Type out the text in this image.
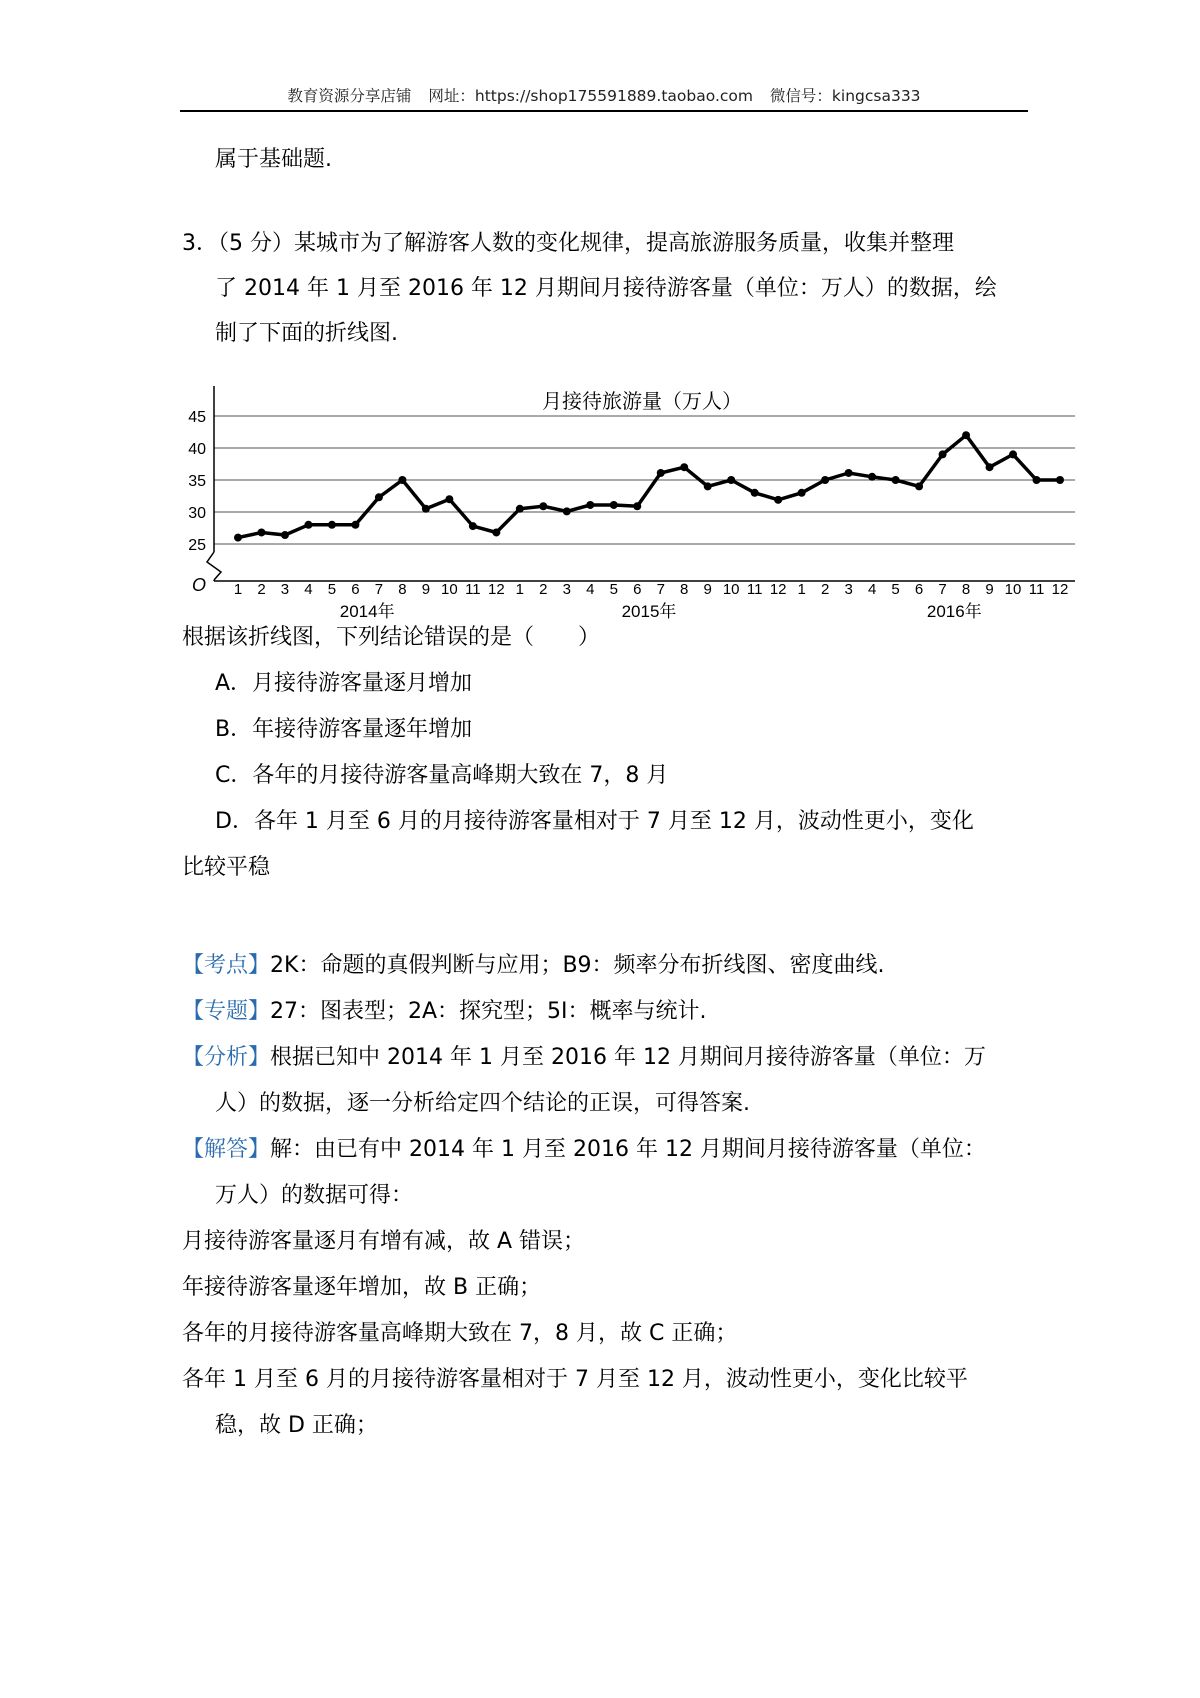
教育资源分享店铺 网址：https://shop175591889.taobao.com 微信号：kingcsa333
属于基础题.
3．（5 分）某城市为了解游客人数的变化规律，提高旅游服务质量，收集并整理
了 2014 年 1 月至 2016 年 12 月期间月接待游客量（单位：万人）的数据，绘
制了下面的折线图.
月接待旅游量（万人）
25
30
35
40
45
O 1 2 3 4 5 6 7 8 9 10 11 12 1 2 3 4 5 6 7 8 9 10 11 12 1 2 3 4 5 6 7 8 9 10 11 12
2014年	2015年	2016年
根据该折线图，下列结论错误的是（　　）
A．月接待游客量逐月增加
B．年接待游客量逐年增加
C．各年的月接待游客量高峰期大致在 7，8 月
D．各年 1 月至 6 月的月接待游客量相对于 7 月至 12 月，波动性更小，变化
比较平稳
【考点】2K：命题的真假判断与应用；B9：频率分布折线图、密度曲线.
【专题】27：图表型；2A：探究型；5I：概率与统计.
【分析】根据已知中 2014 年 1 月至 2016 年 12 月期间月接待游客量（单位：万
人）的数据，逐一分析给定四个结论的正误，可得答案.
【解答】解：由已有中 2014 年 1 月至 2016 年 12 月期间月接待游客量（单位：
万人）的数据可得：
月接待游客量逐月有增有减，故 A 错误；
年接待游客量逐年增加，故 B 正确；
各年的月接待游客量高峰期大致在 7，8 月，故 C 正确；
各年 1 月至 6 月的月接待游客量相对于 7 月至 12 月，波动性更小，变化比较平
稳，故 D 正确；
